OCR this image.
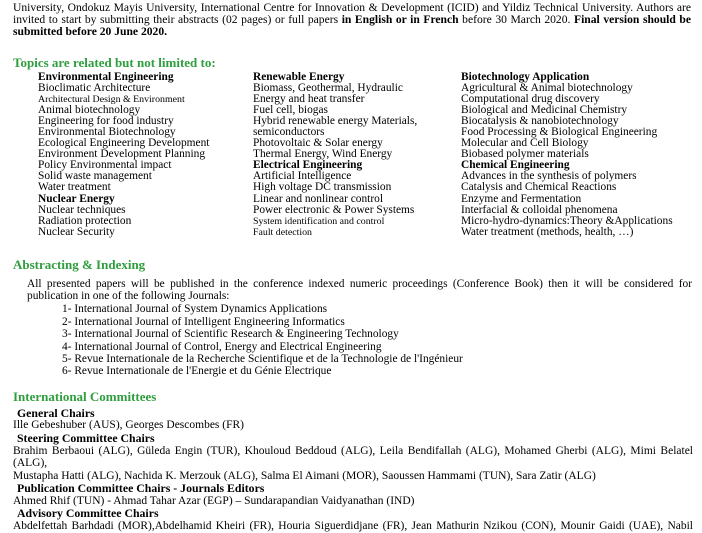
University, Ondokuz Mayis University, International Centre for Innovation & Development (ICID) and Yildiz Technical University. Authors are invited to start by submitting their abstracts (02 pages) or full papers in English or in French before 30 March 2020. Final version should be submitted before 20 June 2020.

Topics are related but not limited to:
Environmental Engineering
Bioclimatic Architecture
Architectural Design & Environment
Animal biotechnology
Engineering for food industry
Environmental Biotechnology
Ecological Engineering Development
Environment Development Planning
Policy Environmental impact
Solid waste management
Water treatment
Nuclear Energy
Nuclear techniques
Radiation protection
Nuclear Security
Renewable Energy
Biomass, Geothermal, Hydraulic
Energy and heat transfer
Fuel cell, biogas
Hybrid renewable energy Materials,
semiconductors
Photovoltaic & Solar energy
Thermal Energy, Wind Energy
Electrical Engineering
Artificial Intelligence
High voltage DC transmission
Linear and nonlinear control
Power electronic & Power Systems
System identification and control
Fault detection
Biotechnology Application
Agricultural & Animal biotechnology
Computational drug discovery
Biological and Medicinal Chemistry
Biocatalysis & nanobiotechnology
Food Processing & Biological Engineering
Molecular and Cell Biology
Biobased polymer materials
Chemical Engineering
Advances in the synthesis of polymers
Catalysis and Chemical Reactions
Enzyme and Fermentation
Interfacial & colloidal phenomena
Micro-hydro-dynamics:Theory &Applications
Water treatment (methods, health, …)
Abstracting & Indexing

All presented papers will be published in the conference indexed numeric proceedings (Conference Book) then it will be considered for publication in one of the following Journals:

1- International Journal of System Dynamics Applications
2- International Journal of Intelligent Engineering Informatics
3- International Journal of Scientific Research & Engineering Technology
4- International Journal of Control, Energy and Electrical Engineering
5- Revue Internationale de la Recherche Scientifique et de la Technologie de l'Ingénieur
6- Revue Internationale de l'Energie et du Génie Electrique
International Committees
General Chairs
Ille Gebeshuber (AUS), Georges Descombes (FR)
Steering Committee Chairs
Brahim Berbaoui (ALG), Güleda Engin (TUR), Khouloud Beddoud (ALG), Leila Bendifallah (ALG), Mohamed Gherbi (ALG), Mimi Belatel (ALG),
Mustapha Hatti (ALG), Nachida K. Merzouk (ALG), Salma El Aimani (MOR), Saoussen Hammami (TUN), Sara Zatir (ALG)
Publication Committee Chairs - Journals Editors
Ahmed Rhif (TUN) - Ahmad Tahar Azar (EGP) – Sundarapandian Vaidyanathan (IND)
Advisory Committee Chairs
Abdelfettah Barhdadi (MOR),Abdelhamid Kheiri (FR), Houria Siguerdidjane (FR), Jean Mathurin Nzikou (CON), Mounir Gaidi (UAE), Nabil
